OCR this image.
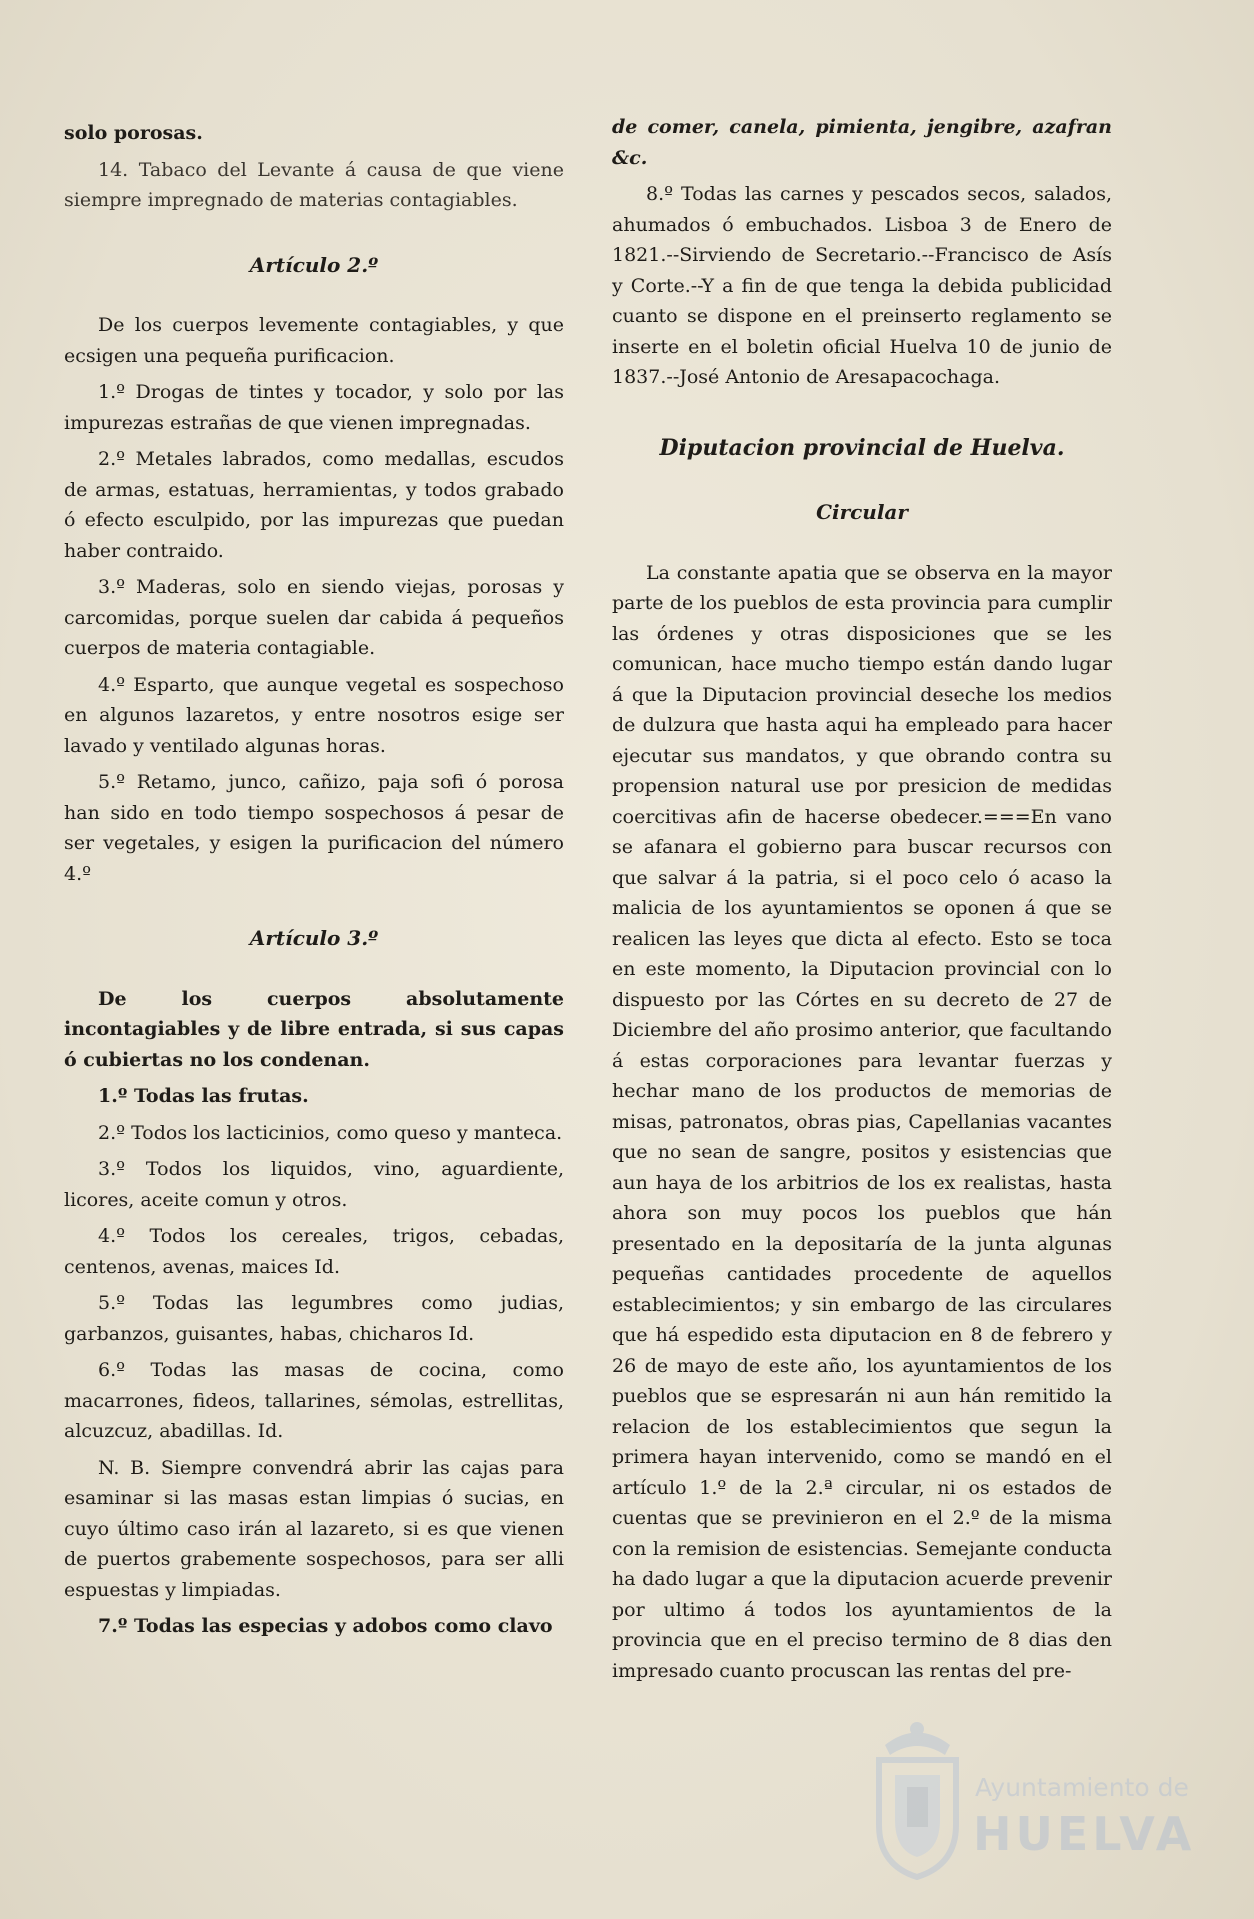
solo porosas.

14. Tabaco del Levante á causa de que viene siempre impregnado de materias contagiables.

Artículo 2.º

De los cuerpos levemente contagiables, y que ecsigen una pequeña purificacion.

1.º Drogas de tintes y tocador, y solo por las impurezas estrañas de que vienen impregnadas.

2.º Metales labrados, como medallas, escudos de armas, estatuas, herramientas, y todos grabado ó efecto esculpido, por las impurezas que puedan haber contraido.

3.º Maderas, solo en siendo viejas, porosas y carcomidas, porque suelen dar cabida á pequeños cuerpos de materia contagiable.

4.º Esparto, que aunque vegetal es sospechoso en algunos lazaretos, y entre nosotros esige ser lavado y ventilado algunas horas.

5.º Retamo, junco, cañizo, paja sofi ó porosa han sido en todo tiempo sospechosos á pesar de ser vegetales, y esigen la purificacion del número 4.º

Artículo 3.º

De los cuerpos absolutamente incontagiables y de libre entrada, si sus capas ó cubiertas no los condenan.

1.º Todas las frutas.

2.º Todos los lacticinios, como queso y manteca.

3.º Todos los liquidos, vino, aguardiente, licores, aceite comun y otros.

4.º Todos los cereales, trigos, cebadas, centenos, avenas, maices Id.

5.º Todas las legumbres como judias, garbanzos, guisantes, habas, chicharos Id.

6.º Todas las masas de cocina, como macarrones, fideos, tallarines, sémolas, estrellitas, alcuzcuz, abadillas. Id.

N. B. Siempre convendrá abrir las cajas para esaminar si las masas estan limpias ó sucias, en cuyo último caso irán al lazareto, si es que vienen de puertos grabemente sospechosos, para ser alli espuestas y limpiadas.

7.º Todas las especias y adobos como clavo

de comer, canela, pimienta, jengibre, azafran &c.

8.º Todas las carnes y pescados secos, salados, ahumados ó embuchados. Lisboa 3 de Enero de 1821.--Sirviendo de Secretario.--Francisco de Asís y Corte.--Y a fin de que tenga la debida publicidad cuanto se dispone en el preinserto reglamento se inserte en el boletin oficial Huelva 10 de junio de 1837.--José Antonio de Aresapacochaga.

Diputacion provincial de Huelva.

Circular

La constante apatia que se observa en la mayor parte de los pueblos de esta provincia para cumplir las órdenes y otras disposiciones que se les comunican, hace mucho tiempo están dando lugar á que la Diputacion provincial deseche los medios de dulzura que hasta aqui ha empleado para hacer ejecutar sus mandatos, y que obrando contra su propension natural use por presicion de medidas coercitivas afin de hacerse obedecer.===En vano se afanara el gobierno para buscar recursos con que salvar á la patria, si el poco celo ó acaso la malicia de los ayuntamientos se oponen á que se realicen las leyes que dicta al efecto. Esto se toca en este momento, la Diputacion provincial con lo dispuesto por las Córtes en su decreto de 27 de Diciembre del año prosimo anterior, que facultando á estas corporaciones para levantar fuerzas y hechar mano de los productos de memorias de misas, patronatos, obras pias, Capellanias vacantes que no sean de sangre, positos y esistencias que aun haya de los arbitrios de los ex realistas, hasta ahora son muy pocos los pueblos que hán presentado en la depositaría de la junta algunas pequeñas cantidades procedente de aquellos establecimientos; y sin embargo de las circulares que há espedido esta diputacion en 8 de febrero y 26 de mayo de este año, los ayuntamientos de los pueblos que se espresarán ni aun hán remitido la relacion de los establecimientos que segun la primera hayan intervenido, como se mandó en el artículo 1.º de la 2.ª circular, ni os estados de cuentas que se previnieron en el 2.º de la misma con la remision de esistencias. Semejante conducta ha dado lugar a que la diputacion acuerde prevenir por ultimo á todos los ayuntamientos de la provincia que en el preciso termino de 8 dias den impresado cuanto procuscan las rentas del pre-

Ayuntamiento de
HUELVA
